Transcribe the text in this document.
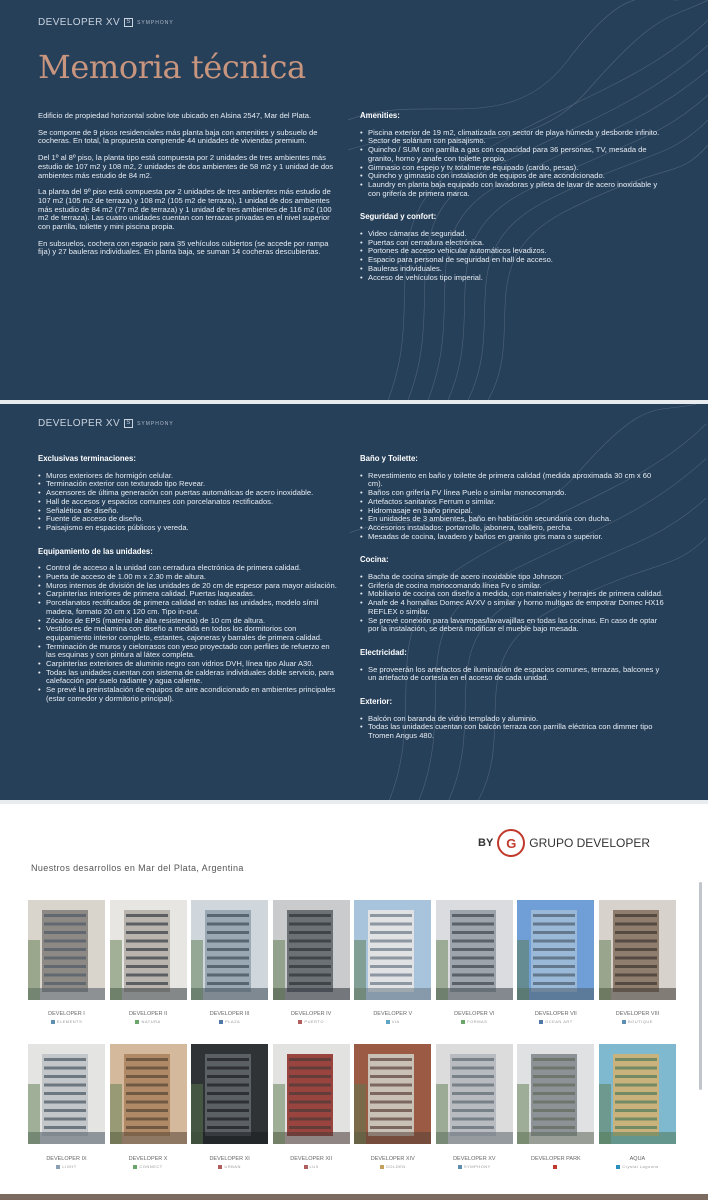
DEVELOPER XV	S	SYMPHONY
Memoria técnica

Edificio de propiedad horizontal sobre lote ubicado en Alsina 2547, Mar del Plata.

Se compone de 9 pisos residenciales más planta baja con amenities y subsuelo de cocheras. En total, la propuesta comprende 44 unidades de viviendas premium.

Del 1º al 8º piso, la planta tipo está compuesta por 2 unidades de tres ambientes más estudio de 107 m2 y 108 m2, 2 unidades de dos ambientes de 58 m2 y 1 unidad de dos ambientes más estudio de 84 m2.

La planta del 9º piso está compuesta por 2 unidades de tres ambientes más estudio de 107 m2 (105 m2 de terraza) y 108 m2 (105 m2 de terraza), 1 unidad de dos ambientes más estudio de 84 m2 (77 m2 de terraza) y 1 unidad de tres ambientes de 116 m2 (100 m2 de terraza). Las cuatro unidades cuentan con terrazas privadas en el nivel superior con parrilla, toilette y mini piscina propia.

En subsuelos, cochera con espacio para 35 vehículos cubiertos (se accede por rampa fija) y 27 bauleras individuales. En planta baja, se suman 14 cocheras descubiertas.

Amenities:
• Piscina exterior de 19 m2, climatizada con sector de playa húmeda y desborde infinito.
• Sector de solárium con paisajismo.
• Quincho / SUM con parrilla a gas con capacidad para 36 personas, TV, mesada de granito, horno y anafe con toilette propio.
• Gimnasio con espejo y tv totalmente equipado (cardio, pesas).
• Quincho y gimnasio con instalación de equipos de aire acondicionado.
• Laundry en planta baja equipado con lavadoras y pileta de lavar de acero inoxidable y con grifería de primera marca.
Seguridad y confort:
• Video cámaras de seguridad.
• Puertas con cerradura electrónica.
• Portones de acceso vehicular automáticos levadizos.
• Espacio para personal de seguridad en hall de acceso.
• Bauleras individuales.
• Acceso de vehículos tipo imperial.
DEVELOPER XV	S	SYMPHONY
Exclusivas terminaciones:
• Muros exteriores de hormigón celular.
• Terminación exterior con texturado tipo Revear.
• Ascensores de última generación con puertas automáticas de acero inoxidable.
• Hall de accesos y espacios comunes con porcelanatos rectificados.
• Señalética de diseño.
• Fuente de acceso de diseño.
• Paisajismo en espacios públicos y vereda.
Equipamiento de las unidades:
• Control de acceso a la unidad con cerradura electrónica de primera calidad.
• Puerta de acceso de 1.00 m x 2.30 m de altura.
• Muros internos de división de las unidades de 20 cm de espesor para mayor aislación.
• Carpinterías interiores de primera calidad. Puertas laqueadas.
• Porcelanatos rectificados de primera calidad en todas las unidades, modelo símil madera, formato 20 cm x 120 cm. Tipo in-out.
• Zócalos de EPS (material de alta resistencia) de 10 cm de altura.
• Vestidores de melamina con diseño a medida en todos los dormitorios con equipamiento interior completo, estantes, cajoneras y barrales de primera calidad.
• Terminación de muros y cielorrasos con yeso proyectado con perfiles de refuerzo en las esquinas y con pintura al látex completa.
• Carpinterías exteriores de aluminio negro con vidrios DVH, línea tipo Aluar A30.
• Todas las unidades cuentan con sistema de calderas individuales doble servicio, para calefacción por suelo radiante y agua caliente.
• Se prevé la preinstalación de equipos de aire acondicionado en ambientes principales (estar comedor y dormitorio principal).
Baño y Toilette:
• Revestimiento en baño y toilette de primera calidad (medida aproximada 30 cm x 60 cm).
• Baños con grifería FV línea Puelo o similar monocomando.
• Artefactos sanitarios Ferrum o similar.
• Hidromasaje en baño principal.
• En unidades de 3 ambientes, baño en habitación secundaria con ducha.
• Accesorios instalados: portarrollo, jabonera, toallero, percha.
• Mesadas de cocina, lavadero y baños en granito gris mara o superior.
Cocina:
• Bacha de cocina simple de acero inoxidable tipo Johnson.
• Grifería de cocina monocomando línea Fv o similar.
• Mobiliario de cocina con diseño a medida, con materiales y herrajes de primera calidad.
• Anafe de 4 hornallas Domec AVXV o similar y horno multigas de empotrar Domec HX16 REFLEX o similar.
• Se prevé conexión para lavarropas/lavavajillas en todas las cocinas. En caso de optar por la instalación, se deberá modificar el mueble bajo mesada.
Electricidad:
• Se proveerán los artefactos de iluminación de espacios comunes, terrazas, balcones y un artefacto de cortesía en el acceso de cada unidad.
Exterior:
• Balcón con baranda de vidrio templado y aluminio.
• Todas las unidades cuentan con balcón terraza con parrilla eléctrica con dimmer tipo Tromen Angus 480.
BY G	GRUPO DEVELOPER
Nuestros desarrollos en Mar del Plata, Argentina
DEVELOPER I
ELEMENTS
DEVELOPER II
NATURA
DEVELOPER III
PLAZA
DEVELOPER IV
PUERTO
DEVELOPER V
VIA
DEVELOPER VI
FORMAS
DEVELOPER VII
OCEAN ART
DEVELOPER VIII
BOUTIQUE
DEVELOPER IX
LIGHT
DEVELOPER X
CONNECT
DEVELOPER XI
URBAN
DEVELOPER XII
LUX
DEVELOPER XIV
GOLDEN
DEVELOPER XV
SYMPHONY
DEVELOPER PARK	AQUA
Crystal Lagoons
